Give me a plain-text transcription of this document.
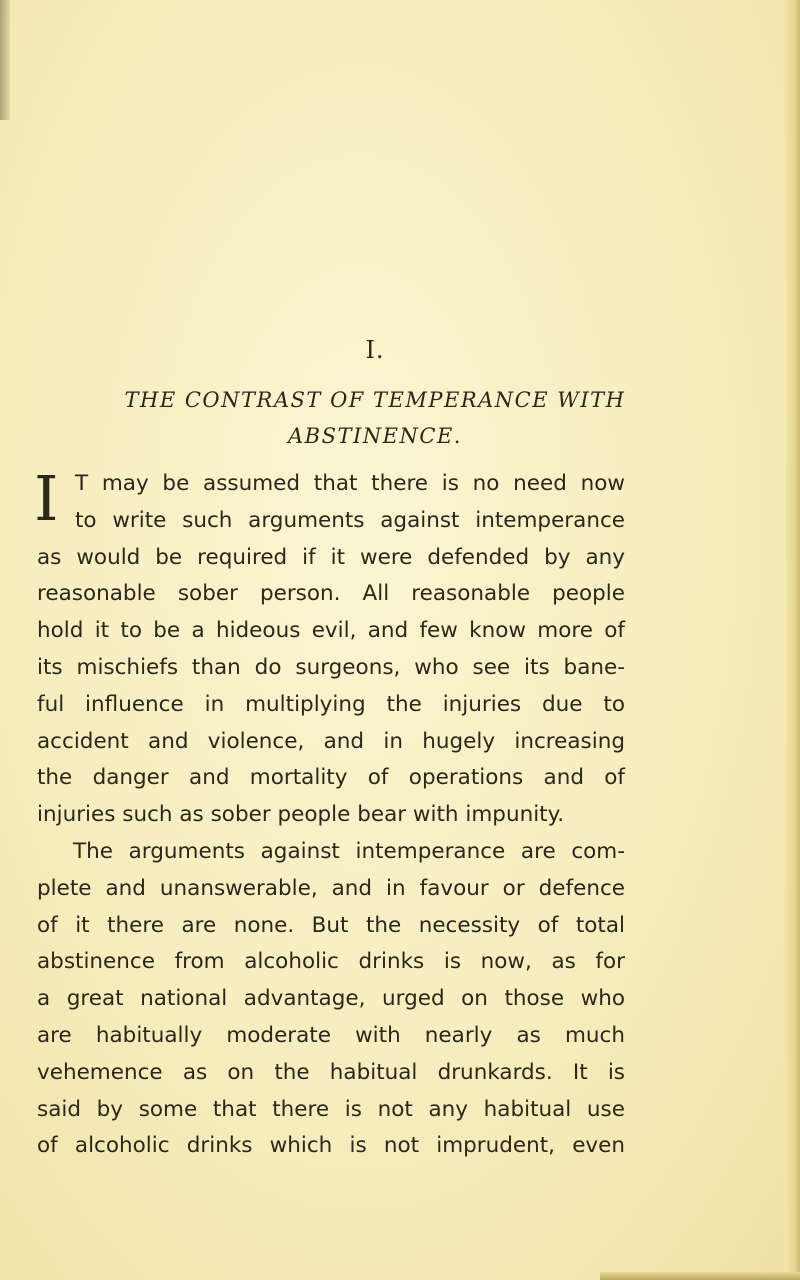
I.
THE CONTRAST OF TEMPERANCE WITH
ABSTINENCE.
I T may be assumed that there is no need now
to write such arguments against intemperance
as would be required if it were defended by any
reasonable sober person. All reasonable people
hold it to be a hideous evil, and few know more of
its mischiefs than do surgeons, who see its bane-
ful influence in multiplying the injuries due to
accident and violence, and in hugely increasing
the danger and mortality of operations and of
injuries such as sober people bear with impunity.
The arguments against intemperance are com-
plete and unanswerable, and in favour or defence
of it there are none. But the necessity of total
abstinence from alcoholic drinks is now, as for
a great national advantage, urged on those who
are habitually moderate with nearly as much
vehemence as on the habitual drunkards. It is
said by some that there is not any habitual use
of alcoholic drinks which is not imprudent, even
